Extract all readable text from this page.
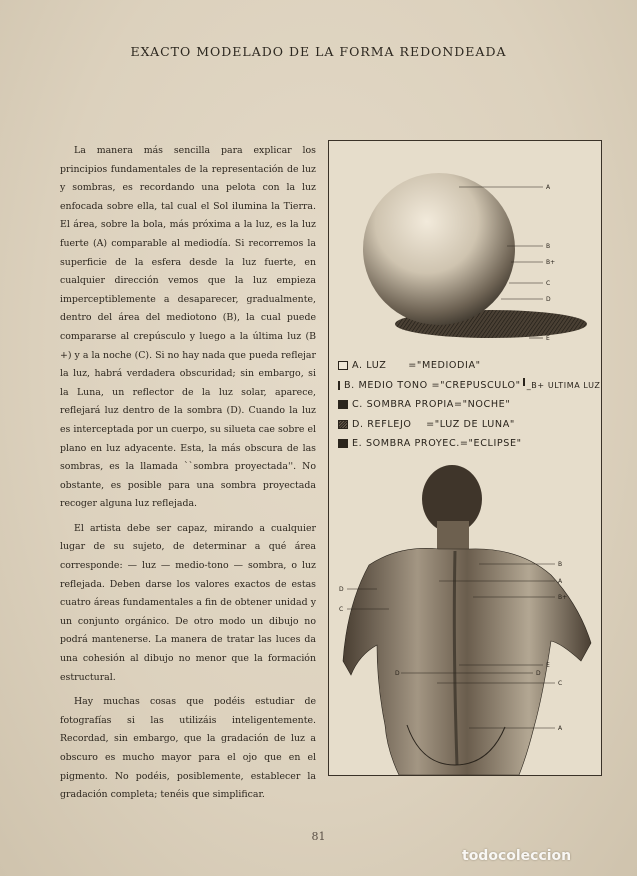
EXACTO MODELADO DE LA FORMA REDONDEADA

La manera más sencilla para explicar los principios fundamentales de la representación de luz y sombras, es recordando una pelota con la luz enfocada sobre ella, tal cual el Sol ilumina la Tierra. El área, sobre la bola, más próxima a la luz, es la luz fuerte (A) comparable al mediodía. Si recorremos la superficie de la esfera desde la luz fuerte, en cualquier dirección vemos que la luz empieza imperceptiblemente a desaparecer, gradualmente, dentro del área del mediotono (B), la cual puede compararse al crepúsculo y luego a la última luz (B +) y a la noche (C). Si no hay nada que pueda reflejar la luz, habrá verdadera obscuridad; sin embargo, si la Luna, un reflector de la luz solar, aparece, reflejará luz dentro de la sombra (D). Cuando la luz es interceptada por un cuerpo, su silueta cae sobre el plano en luz adyacente. Esta, la más obscura de las sombras, es la llamada ``sombra proyectada''. No obstante, es posible para una sombra proyectada recoger alguna luz reflejada.

El artista debe ser capaz, mirando a cualquier lugar de su sujeto, de determinar a qué área corresponde: — luz — medio-tono — sombra, o luz reflejada. Deben darse los valores exactos de estas cuatro áreas fundamentales a fin de obtener unidad y un conjunto orgánico. De otro modo un dibujo no podrá mantenerse. La manera de tratar las luces da una cohesión al dibujo no menor que la formación estructural.

Hay muchas cosas que podéis estudiar de fotografías si las utilizáis inteligentemente. Recordad, sin embargo, que la gradación de luz a obscuro es mucho mayor para el ojo que en el pigmento. No podéis, posiblemente, establecer la gradación completa; tenéis que simplificar.

A
B
B+
C
D
E
B
A
B+
E
D
C
A
D
C
D
A. LUZ
="MEDIODIA"
B. MEDIO TONO
="CREPUSCULO" _B+ ULTIMA LUZ
C. SOMBRA PROPIA ="NOCHE"
D. REFLEJO
="LUZ DE LUNA"
E. SOMBRA PROYEC. ="ECLIPSE"
81
todocoleccion
